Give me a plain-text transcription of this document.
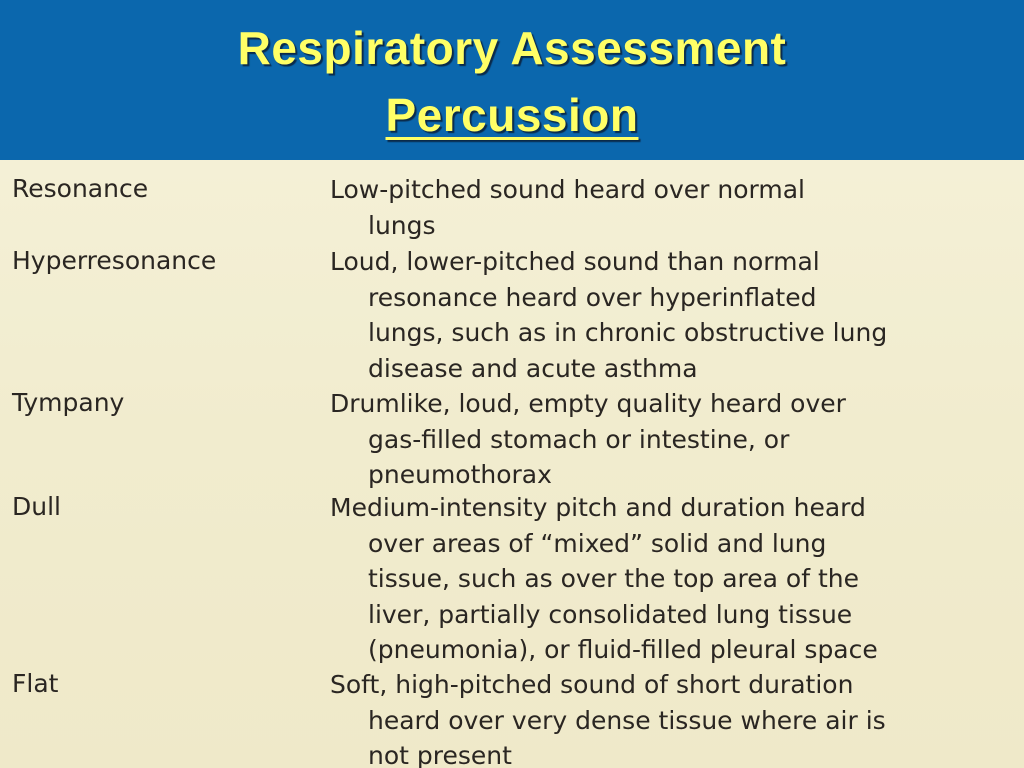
Respiratory Assessment
Percussion
Resonance	Low-pitched sound heard over normal
lungs
Hyperresonance	Loud, lower-pitched sound than normal
resonance heard over hyperinflated
lungs, such as in chronic obstructive lung
disease and acute asthma
Tympany	Drumlike, loud, empty quality heard over
gas-filled stomach or intestine, or
pneumothorax
Dull	Medium-intensity pitch and duration heard
over areas of “mixed” solid and lung
tissue, such as over the top area of the
liver, partially consolidated lung tissue
(pneumonia), or fluid-filled pleural space
Flat	Soft, high-pitched sound of short duration
heard over very dense tissue where air is
not present
